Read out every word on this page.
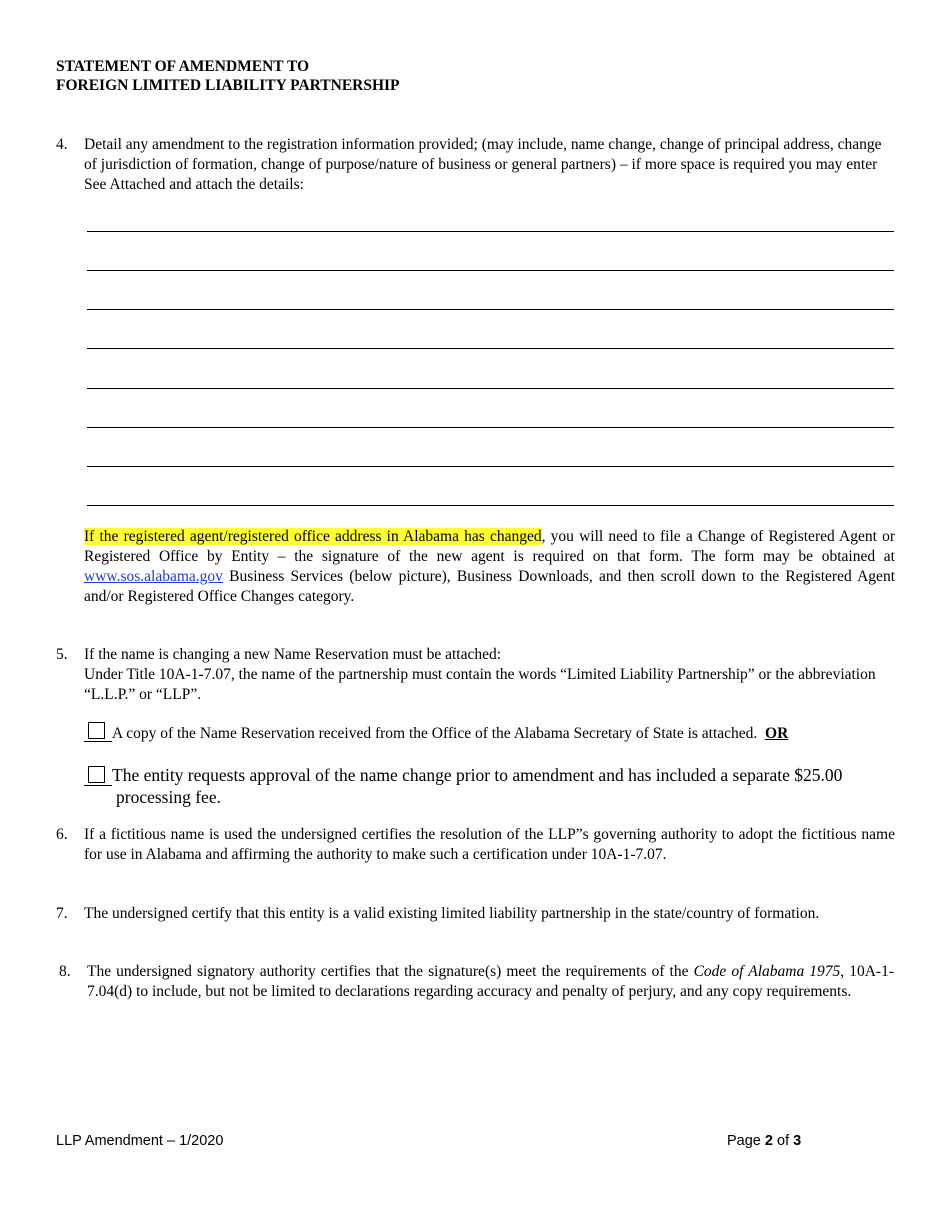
STATEMENT OF AMENDMENT TO
FOREIGN LIMITED LIABILITY PARTNERSHIP
4.	Detail any amendment to the registration information provided; (may include, name change, change of principal address, change of jurisdiction of formation, change of purpose/nature of business or general partners) – if more space is required you may enter See Attached and attach the details:
If the registered agent/registered office address in Alabama has changed, you will need to file a Change of Registered Agent or Registered Office by Entity – the signature of the new agent is required on that form. The form may be obtained at www.sos.alabama.gov Business Services (below picture), Business Downloads, and then scroll down to the Registered Agent and/or Registered Office Changes category.
5.	If the name is changing a new Name Reservation must be attached:
Under Title 10A-1-7.07, the name of the partnership must contain the words “Limited Liability Partnership” or the abbreviation “L.L.P.” or “LLP”.
A copy of the Name Reservation received from the Office of the Alabama Secretary of State is attached. OR
The entity requests approval of the name change prior to amendment and has included a separate $25.00
processing fee.
6.	If a fictitious name is used the undersigned certifies the resolution of the LLP”s governing authority to adopt the fictitious name for use in Alabama and affirming the authority to make such a certification under 10A-1-7.07.
7.	The undersigned certify that this entity is a valid existing limited liability partnership in the state/country of formation.
8.	The undersigned signatory authority certifies that the signature(s) meet the requirements of the Code of Alabama 1975, 10A-1-7.04(d) to include, but not be limited to declarations regarding accuracy and penalty of perjury, and any copy requirements.
LLP Amendment – 1/2020	Page 2 of 3
